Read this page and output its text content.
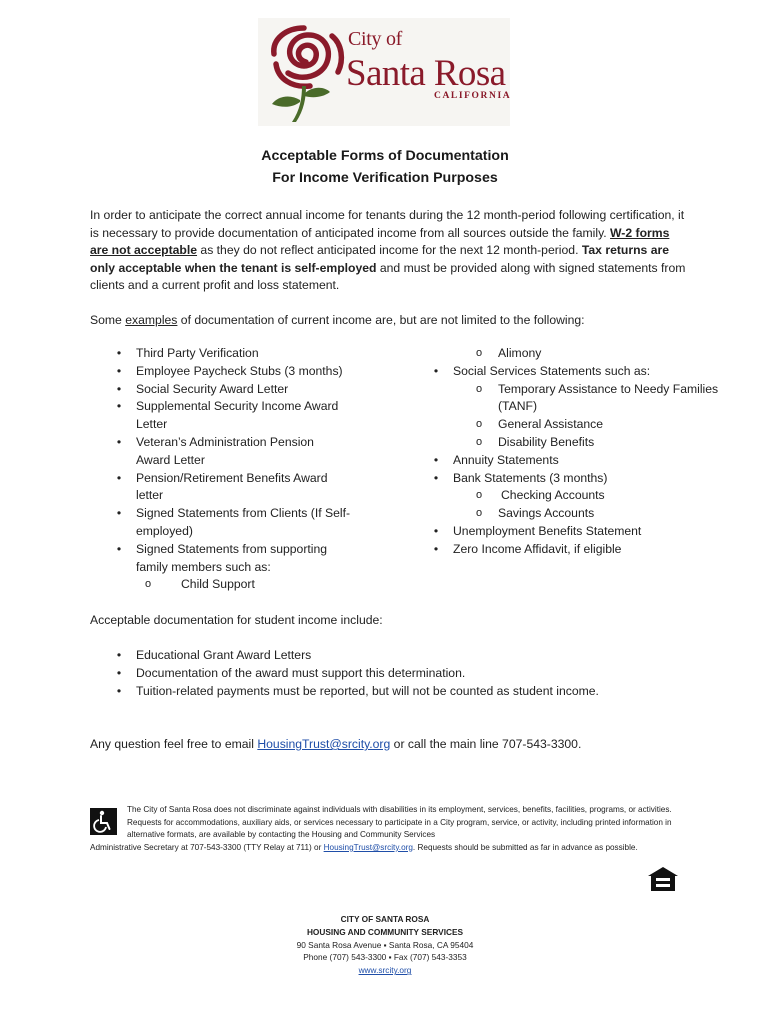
City of
Santa Rosa
CALIFORNIA
Acceptable Forms of Documentation
For Income Verification Purposes
In order to anticipate the correct annual income for tenants during the 12 month-period following certification, it is necessary to provide documentation of anticipated income from all sources outside the family. W-2 forms are not acceptable as they do not reflect anticipated income for the next 12 month-period. Tax returns are only acceptable when the tenant is self-employed and must be provided along with signed statements from clients and a current profit and loss statement.
Some examples of documentation of current income are, but are not limited to the following:
•	Third Party Verification
•	Employee Paycheck Stubs (3 months)
•	Social Security Award Letter
•	Supplemental Security Income Award Letter
•	Veteran’s Administration Pension Award Letter
•	Pension/Retirement Benefits Award letter
•	Signed Statements from Clients (If Self-employed)
•	Signed Statements from supporting family members such as:
o Child Support
o Alimony
•	Social Services Statements such as:
o Temporary Assistance to Needy Families (TANF)
o General Assistance
o Disability Benefits
•	Annuity Statements
•	Bank Statements (3 months)
o Checking Accounts
o Savings Accounts
•	Unemployment Benefits Statement
•	Zero Income Affidavit, if eligible
Acceptable documentation for student income include:
•	Educational Grant Award Letters
•	Documentation of the award must support this determination.
•	Tuition-related payments must be reported, but will not be counted as student income.
Any question feel free to email HousingTrust@srcity.org or call the main line 707-543-3300.
The City of Santa Rosa does not discriminate against individuals with disabilities in its employment, services, benefits, facilities, programs, or activities. Requests for accommodations, auxiliary aids, or services necessary to participate in a City program, service, or activity, including printed information in alternative formats, are available by contacting the Housing and Community Services
Administrative Secretary at 707-543-3300 (TTY Relay at 711) or HousingTrust@srcity.org. Requests should be submitted as far in advance as possible.
CITY OF SANTA ROSA
HOUSING AND COMMUNITY SERVICES
90 Santa Rosa Avenue ▪ Santa Rosa, CA 95404
Phone (707) 543-3300 ▪ Fax (707) 543-3353
www.srcity.org
